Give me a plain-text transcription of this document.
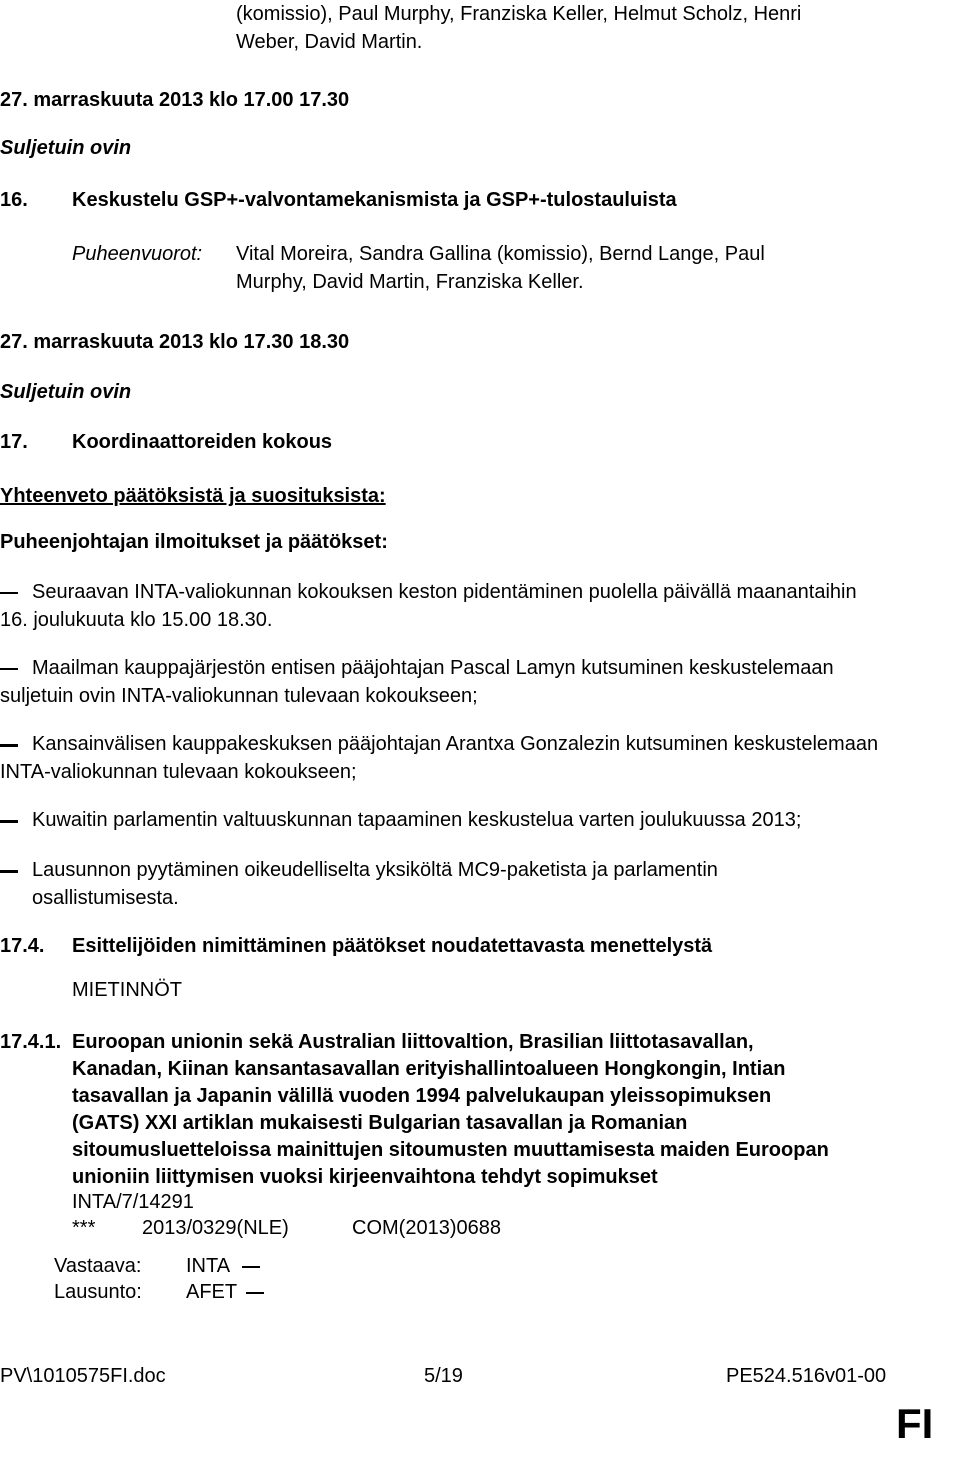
(komissio), Paul Murphy, Franziska Keller, Helmut Scholz, Henri
Weber, David Martin.
27. marraskuuta 2013 klo 17.00 17.30
Suljetuin ovin
16. Keskustelu GSP+-valvontamekanismista ja GSP+-tulostauluista
Puheenvuorot: Vital Moreira, Sandra Gallina (komissio), Bernd Lange, Paul
Murphy, David Martin, Franziska Keller.
27. marraskuuta 2013 klo 17.30 18.30
Suljetuin ovin
17. Koordinaattoreiden kokous
Yhteenveto päätöksistä ja suosituksista:
Puheenjohtajan ilmoitukset ja päätökset:
Seuraavan INTA-valiokunnan kokouksen keston pidentäminen puolella päivällä maanantaihin
16. joulukuuta klo 15.00 18.30.
Maailman kauppajärjestön entisen pääjohtajan Pascal Lamyn kutsuminen keskustelemaan
suljetuin ovin INTA-valiokunnan tulevaan kokoukseen;
Kansainvälisen kauppakeskuksen pääjohtajan Arantxa Gonzalezin kutsuminen keskustelemaan
INTA-valiokunnan tulevaan kokoukseen;
Kuwaitin parlamentin valtuuskunnan tapaaminen keskustelua varten joulukuussa 2013;
Lausunnon pyytäminen oikeudelliselta yksiköltä MC9-paketista ja parlamentin
osallistumisesta.
17.4. Esittelijöiden nimittäminen päätökset noudatettavasta menettelystä
MIETINNÖT
17.4.1. Euroopan unionin sekä Australian liittovaltion, Brasilian liittotasavallan,
Kanadan, Kiinan kansantasavallan erityishallintoalueen Hongkongin, Intian
tasavallan ja Japanin välillä vuoden 1994 palvelukaupan yleissopimuksen
(GATS) XXI artiklan mukaisesti Bulgarian tasavallan ja Romanian
sitoumusluetteloissa mainittujen sitoumusten muuttamisesta maiden Euroopan
unioniin liittymisen vuoksi kirjeenvaihtona tehdyt sopimukset
INTA/7/14291
*** 2013/0329(NLE)	COM(2013)0688
Vastaava: INTA
Lausunto: AFET
PV\1010575FI.doc	5/19	PE524.516v01-00
FI
